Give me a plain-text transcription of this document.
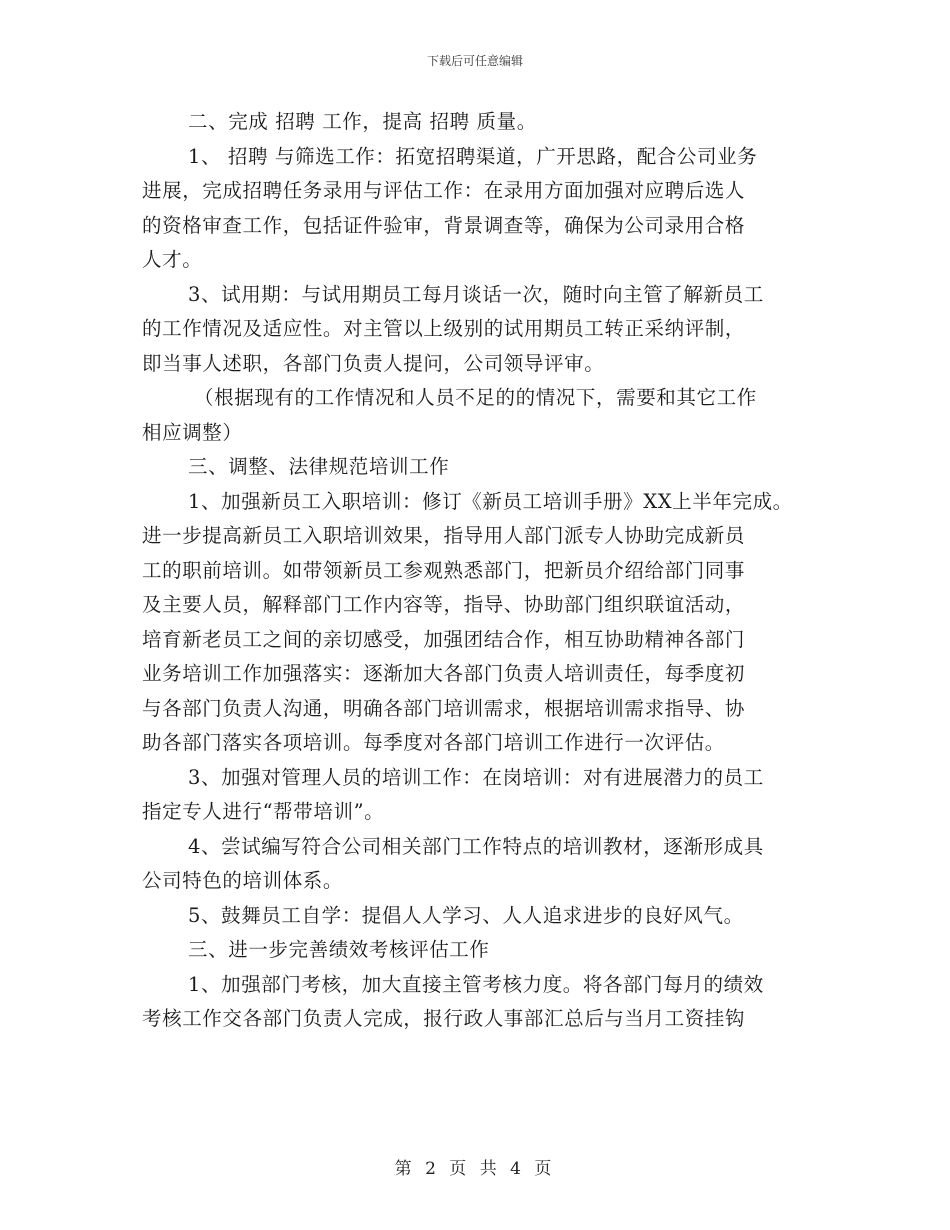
下载后可任意编辑
二、完成 招聘 工作，提高 招聘 质量。
1、 招聘 与筛选工作：拓宽招聘渠道，广开思路，配合公司业务
进展，完成招聘任务录用与评估工作：在录用方面加强对应聘后选人
的资格审查工作，包括证件验审，背景调查等，确保为公司录用合格
人才。
3、试用期：与试用期员工每月谈话一次，随时向主管了解新员工
的工作情况及适应性。对主管以上级别的试用期员工转正采纳评制，
即当事人述职，各部门负责人提问，公司领导评审。
（根据现有的工作情况和人员不足的的情况下，需要和其它工作
相应调整）
三、调整、法律规范培训工作
1、加强新员工入职培训：修订《新员工培训手册》XX上半年完成。
进一步提高新员工入职培训效果，指导用人部门派专人协助完成新员
工的职前培训。如带领新员工参观熟悉部门，把新员介绍给部门同事
及主要人员，解释部门工作内容等，指导、协助部门组织联谊活动，
培育新老员工之间的亲切感受，加强团结合作，相互协助精神各部门
业务培训工作加强落实：逐渐加大各部门负责人培训责任，每季度初
与各部门负责人沟通，明确各部门培训需求，根据培训需求指导、协
助各部门落实各项培训。每季度对各部门培训工作进行一次评估。
3、加强对管理人员的培训工作：在岗培训：对有进展潜力的员工
指定专人进行“帮带培训”。
4、尝试编写符合公司相关部门工作特点的培训教材，逐渐形成具
公司特色的培训体系。
5、鼓舞员工自学：提倡人人学习、人人追求进步的良好风气。
三、进一步完善绩效考核评估工作
1、加强部门考核，加大直接主管考核力度。将各部门每月的绩效
考核工作交各部门负责人完成，报行政人事部汇总后与当月工资挂钩
第 2 页 共 4 页
